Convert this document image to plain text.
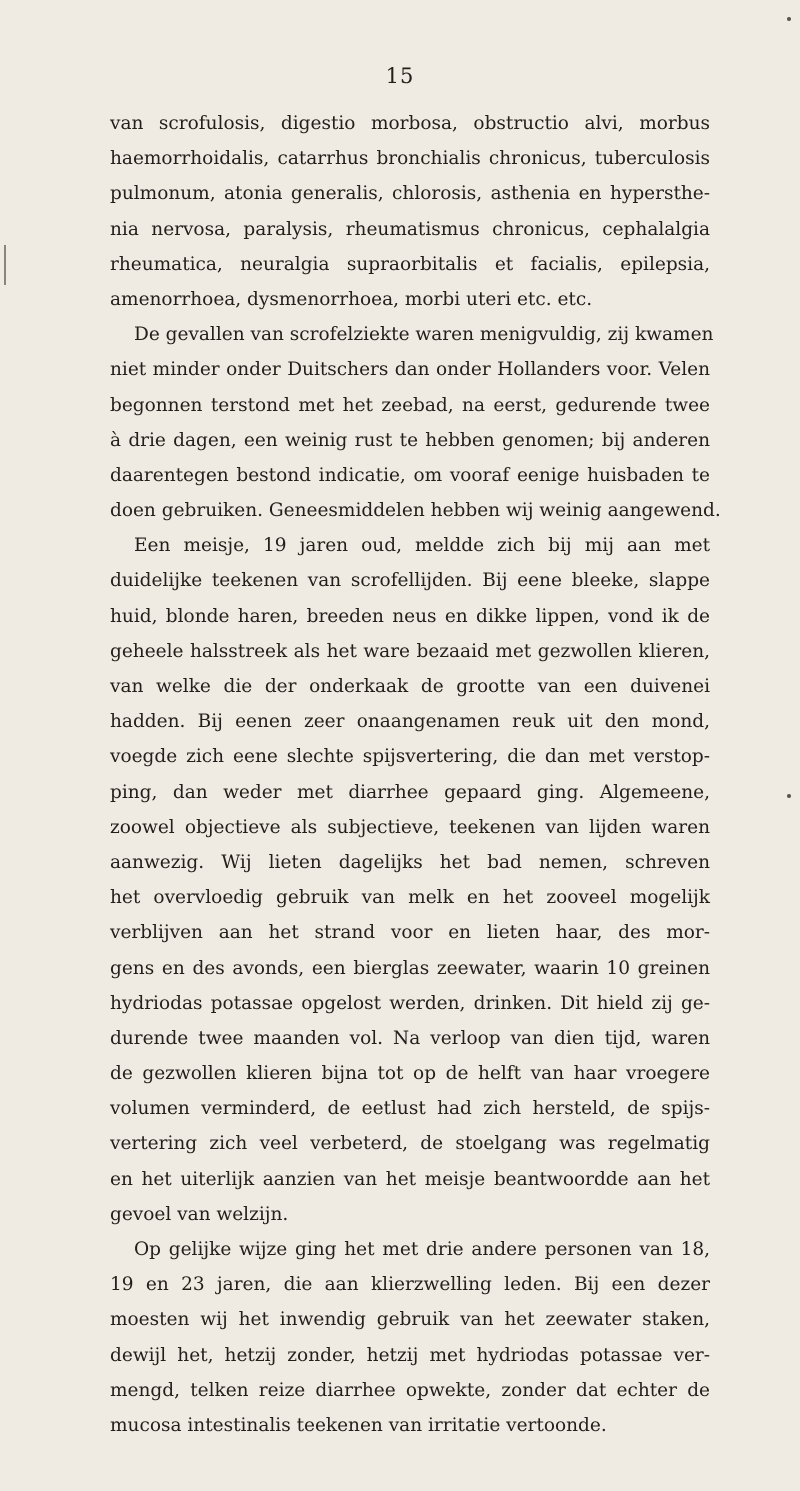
15
van scrofulosis, digestio morbosa, obstructio alvi, morbus
haemorrhoidalis, catarrhus bronchialis chronicus, tuberculosis
pulmonum, atonia generalis, chlorosis, asthenia en hypersthe-
nia nervosa, paralysis, rheumatismus chronicus, cephalalgia
rheumatica, neuralgia supraorbitalis et facialis, epilepsia,
amenorrhoea, dysmenorrhoea, morbi uteri etc. etc.
De gevallen van scrofelziekte waren menigvuldig, zij kwamen
niet minder onder Duitschers dan onder Hollanders voor. Velen
begonnen terstond met het zeebad, na eerst, gedurende twee
à drie dagen, een weinig rust te hebben genomen; bij anderen
daarentegen bestond indicatie, om vooraf eenige huisbaden te
doen gebruiken. Geneesmiddelen hebben wij weinig aangewend.
Een meisje, 19 jaren oud, meldde zich bij mij aan met
duidelijke teekenen van scrofellijden. Bij eene bleeke, slappe
huid, blonde haren, breeden neus en dikke lippen, vond ik de
geheele halsstreek als het ware bezaaid met gezwollen klieren,
van welke die der onderkaak de grootte van een duivenei
hadden. Bij eenen zeer onaangenamen reuk uit den mond,
voegde zich eene slechte spijsvertering, die dan met verstop-
ping, dan weder met diarrhee gepaard ging. Algemeene,
zoowel objectieve als subjectieve, teekenen van lijden waren
aanwezig. Wij lieten dagelijks het bad nemen, schreven
het overvloedig gebruik van melk en het zooveel mogelijk
verblijven aan het strand voor en lieten haar, des mor-
gens en des avonds, een bierglas zeewater, waarin 10 greinen
hydriodas potassae opgelost werden, drinken. Dit hield zij ge-
durende twee maanden vol. Na verloop van dien tijd, waren
de gezwollen klieren bijna tot op de helft van haar vroegere
volumen verminderd, de eetlust had zich hersteld, de spijs-
vertering zich veel verbeterd, de stoelgang was regelmatig
en het uiterlijk aanzien van het meisje beantwoordde aan het
gevoel van welzijn.
Op gelijke wijze ging het met drie andere personen van 18,
19 en 23 jaren, die aan klierzwelling leden. Bij een dezer
moesten wij het inwendig gebruik van het zeewater staken,
dewijl het, hetzij zonder, hetzij met hydriodas potassae ver-
mengd, telken reize diarrhee opwekte, zonder dat echter de
mucosa intestinalis teekenen van irritatie vertoonde.
